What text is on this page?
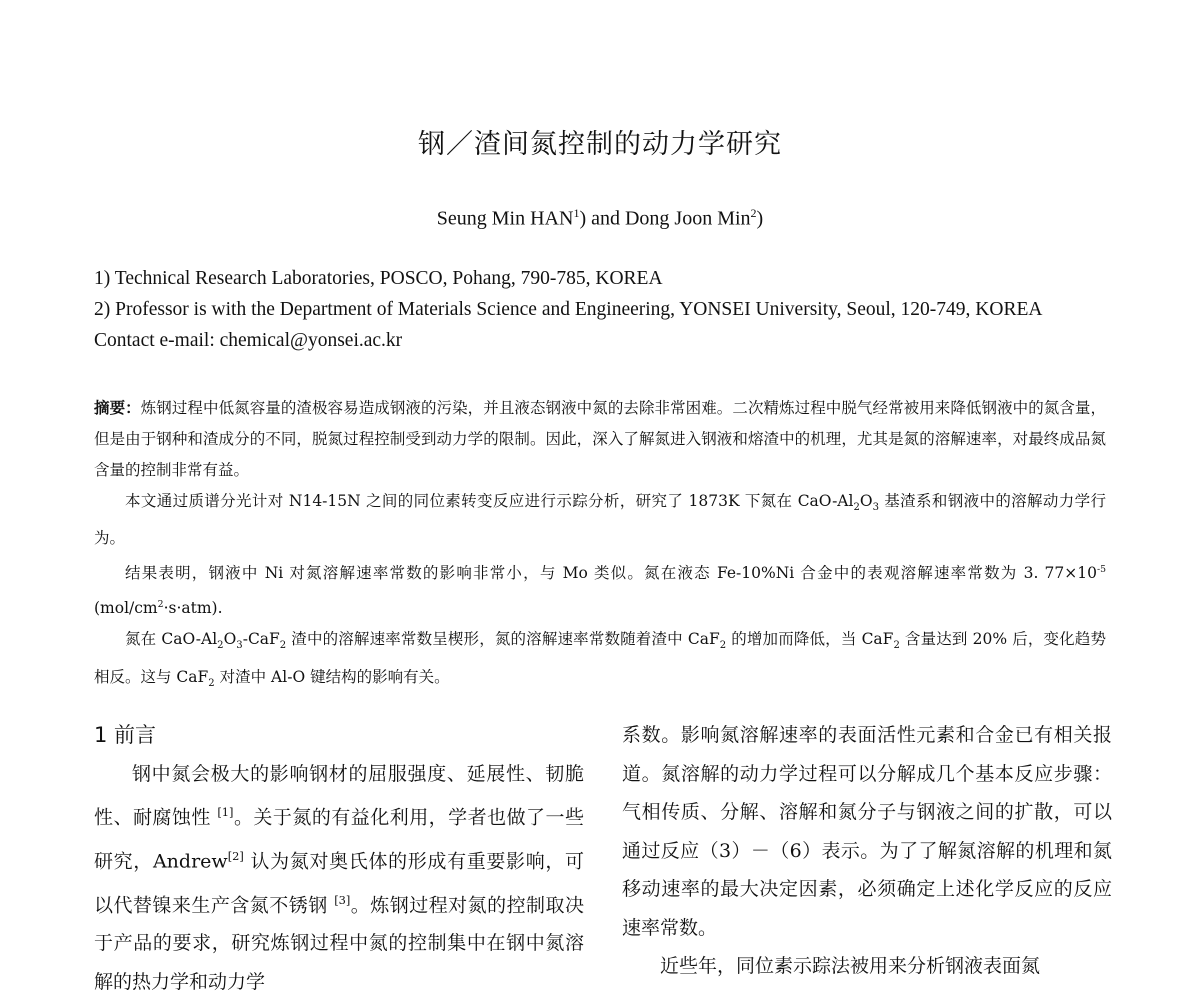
钢／渣间氮控制的动力学研究
Seung Min HAN$^1$) and Dong Joon Min$^2$)
1) Technical Research Laboratories, POSCO, Pohang, 790-785, KOREA
2) Professor is with the Department of Materials Science and Engineering, YONSEI University, Seoul, 120-749, KOREA
Contact e-mail: chemical@yonsei.ac.kr

摘要：炼钢过程中低氮容量的渣极容易造成钢液的污染，并且液态钢液中氮的去除非常困难。二次精炼过程中脱气经常被用来降低钢液中的氮含量，但是由于钢种和渣成分的不同，脱氮过程控制受到动力学的限制。因此，深入了解氮进入钢液和熔渣中的机理，尤其是氮的溶解速率，对最终成品氮含量的控制非常有益。

本文通过质谱分光计对 N14-15N 之间的同位素转变反应进行示踪分析，研究了 1873K 下氮在 CaO-$Al_2O_3$ 基渣系和钢液中的溶解动力学行为。

结果表明，钢液中 Ni 对氮溶解速率常数的影响非常小，与 Mo 类似。氮在液态 Fe-10%Ni 合金中的表观溶解速率常数为 3. $77\times 10^{-5}$ $(mol/cm^2\cdot s\cdot atm)$.

氮在 CaO-$Al_2O_3-CaF_2$ 渣中的溶解速率常数呈楔形，氮的溶解速率常数随着渣中 CaF$_2$ 的增加而降低，当 CaF$_2$ 含量达到 20% 后，变化趋势相反。这与 CaF$_2$ 对渣中 Al-O 键结构的影响有关。

1 前言

钢中氮会极大的影响钢材的屈服强度、延展性、韧脆性、耐腐蚀性 [1]。关于氮的有益化利用，学者也做了一些研究，Andrew[2] 认为氮对奥氏体的形成有重要影响，可以代替镍来生产含氮不锈钢 [3]。炼钢过程对氮的控制取决于产品的要求，研究炼钢过程中氮的控制集中在钢中氮溶解的热力学和动力学

系数。影响氮溶解速率的表面活性元素和合金已有相关报道。氮溶解的动力学过程可以分解成几个基本反应步骤：气相传质、分解、溶解和氮分子与钢液之间的扩散，可以通过反应（3）－（6）表示。为了了解氮溶解的机理和氮移动速率的最大决定因素，必须确定上述化学反应的反应速率常数。

近些年，同位素示踪法被用来分析钢液表面氮
